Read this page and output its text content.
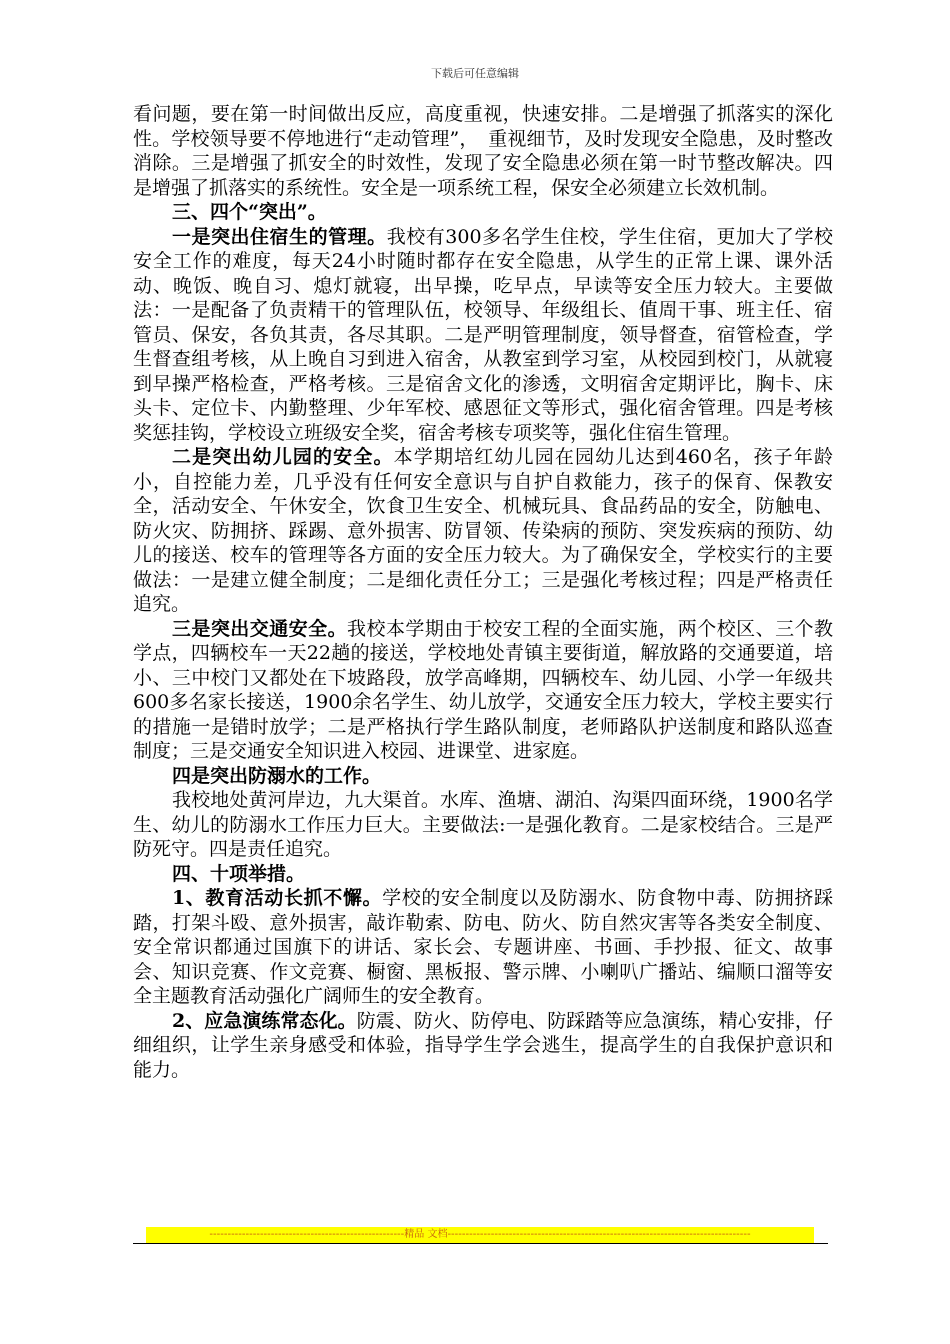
下载后可任意编辑

看问题，要在第一时间做出反应，高度重视，快速安排。二是增强了抓落实的深化性。学校领导要不停地进行“走动管理”，　重视细节，及时发现安全隐患，及时整改消除。三是增强了抓安全的时效性，发现了安全隐患必须在第一时节整改解决。四是增强了抓落实的系统性。安全是一项系统工程，保安全必须建立长效机制。

三、四个“突出”。

一是突出住宿生的管理。我校有300多名学生住校，学生住宿，更加大了学校安全工作的难度，每天24小时随时都存在安全隐患，从学生的正常上课、课外活动、晚饭、晚自习、熄灯就寝，出早操，吃早点，早读等安全压力较大。主要做法：一是配备了负责精干的管理队伍，校领导、年级组长、值周干事、班主任、宿管员、保安，各负其责，各尽其职。二是严明管理制度，领导督查，宿管检查，学生督查组考核，从上晚自习到进入宿舍，从教室到学习室，从校园到校门，从就寝到早操严格检查，严格考核。三是宿舍文化的渗透，文明宿舍定期评比，胸卡、床头卡、定位卡、内勤整理、少年军校、感恩征文等形式，强化宿舍管理。四是考核奖惩挂钩，学校设立班级安全奖，宿舍考核专项奖等，强化住宿生管理。

二是突出幼儿园的安全。本学期培红幼儿园在园幼儿达到460名，孩子年龄小，自控能力差，几乎没有任何安全意识与自护自救能力，孩子的保育、保教安全，活动安全、午休安全，饮食卫生安全、机械玩具、食品药品的安全，防触电、防火灾、防拥挤、踩踢、意外损害、防冒领、传染病的预防、突发疾病的预防、幼儿的接送、校车的管理等各方面的安全压力较大。为了确保安全，学校实行的主要做法：一是建立健全制度；二是细化责任分工；三是强化考核过程；四是严格责任追究。

三是突出交通安全。我校本学期由于校安工程的全面实施，两个校区、三个教学点，四辆校车一天22趟的接送，学校地处青镇主要街道，解放路的交通要道，培小、三中校门又都处在下坡路段，放学高峰期，四辆校车、幼儿园、小学一年级共600多名家长接送，1900余名学生、幼儿放学，交通安全压力较大，学校主要实行的措施一是错时放学；二是严格执行学生路队制度，老师路队护送制度和路队巡查制度；三是交通安全知识进入校园、进课堂、进家庭。

四是突出防溺水的工作。

我校地处黄河岸边，九大渠首。水库、渔塘、湖泊、沟渠四面环绕，1900名学生、幼儿的防溺水工作压力巨大。主要做法:一是强化教育。二是家校结合。三是严防死守。四是责任追究。

四、十项举措。

1、教育活动长抓不懈。学校的安全制度以及防溺水、防食物中毒、防拥挤踩踏，打架斗殴、意外损害，敲诈勒索、防电、防火、防自然灾害等各类安全制度、安全常识都通过国旗下的讲话、家长会、专题讲座、书画、手抄报、征文、故事会、知识竞赛、作文竞赛、橱窗、黑板报、警示牌、小喇叭广播站、编顺口溜等安全主题教育活动强化广阔师生的安全教育。

2、应急演练常态化。防震、防火、防停电、防踩踏等应急演练，精心安排，仔细组织，让学生亲身感受和体验，指导学生学会逃生，提高学生的自我保护意识和能力。

------------------------------------------------------精品 文档------------------------------------------------------------------------------------
